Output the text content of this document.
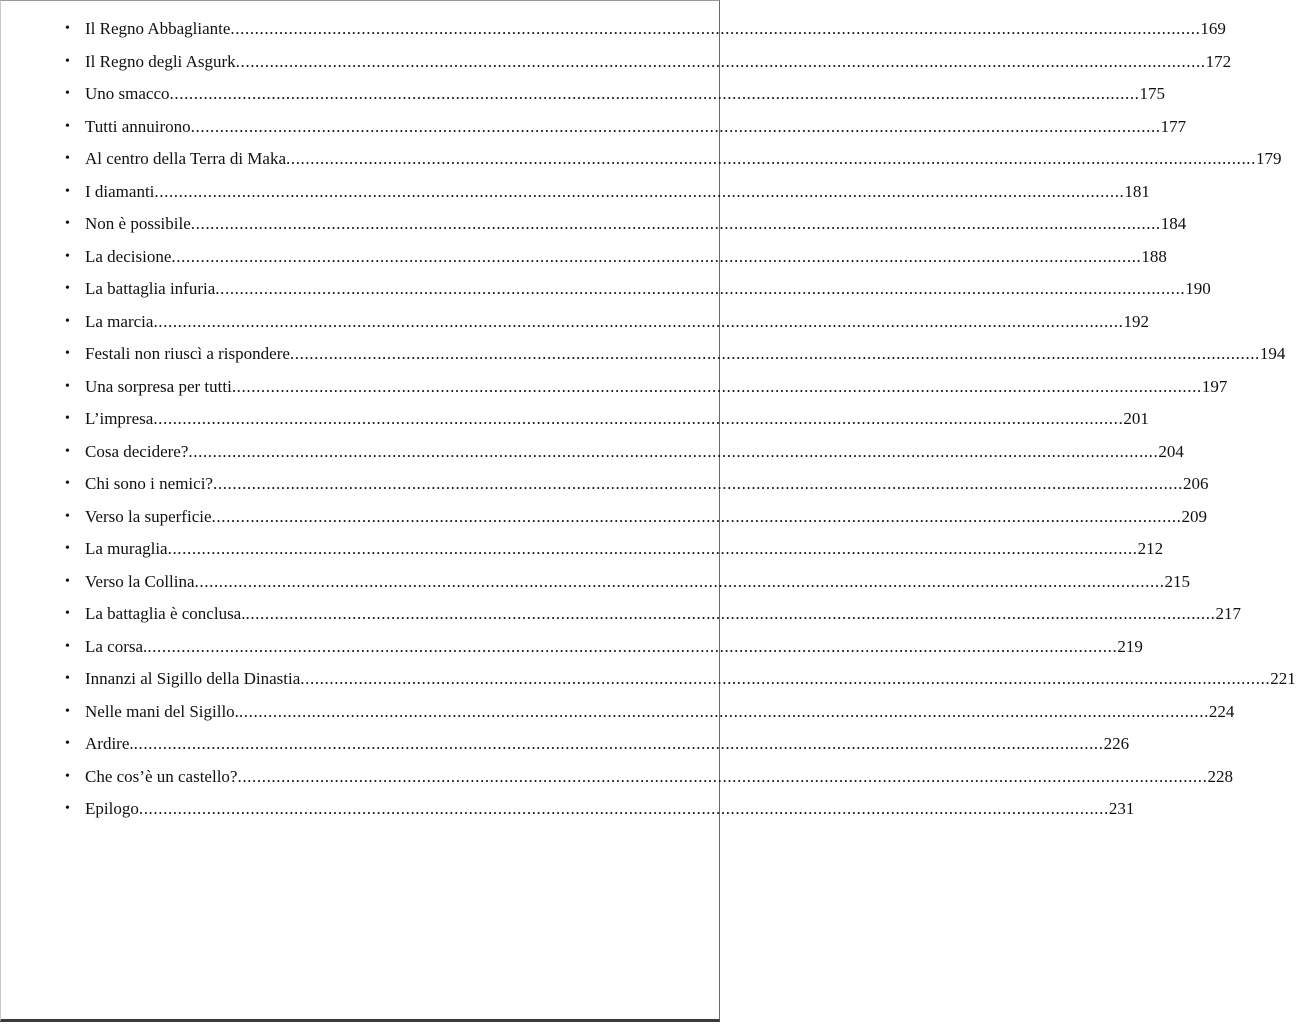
• Il Regno Abbagliante ........................................................................................................................................................................................................ 169
• Il Regno degli Asgurk ........................................................................................................................................................................................................ 172
• Uno smacco ........................................................................................................................................................................................................ 175
• Tutti annuirono ........................................................................................................................................................................................................ 177
• Al centro della Terra di Maka ........................................................................................................................................................................................................ 179
• I diamanti ........................................................................................................................................................................................................ 181
• Non è possibile ........................................................................................................................................................................................................ 184
• La decisione ........................................................................................................................................................................................................ 188
• La battaglia infuria ........................................................................................................................................................................................................ 190
• La marcia ........................................................................................................................................................................................................ 192
• Festali non riuscì a rispondere ........................................................................................................................................................................................................ 194
• Una sorpresa per tutti ........................................................................................................................................................................................................ 197
• L’impresa ........................................................................................................................................................................................................ 201
• Cosa decidere? ........................................................................................................................................................................................................ 204
• Chi sono i nemici? ........................................................................................................................................................................................................ 206
• Verso la superficie ........................................................................................................................................................................................................ 209
• La muraglia ........................................................................................................................................................................................................ 212
• Verso la Collina ........................................................................................................................................................................................................ 215
• La battaglia è conclusa. ........................................................................................................................................................................................................ 217
• La corsa. ........................................................................................................................................................................................................ 219
• Innanzi al Sigillo della Dinastia ........................................................................................................................................................................................................ 221
• Nelle mani del Sigillo. ........................................................................................................................................................................................................ 224
• Ardire. ........................................................................................................................................................................................................ 226
• Che cos’è un castello? ........................................................................................................................................................................................................ 228
• Epilogo ........................................................................................................................................................................................................ 231
